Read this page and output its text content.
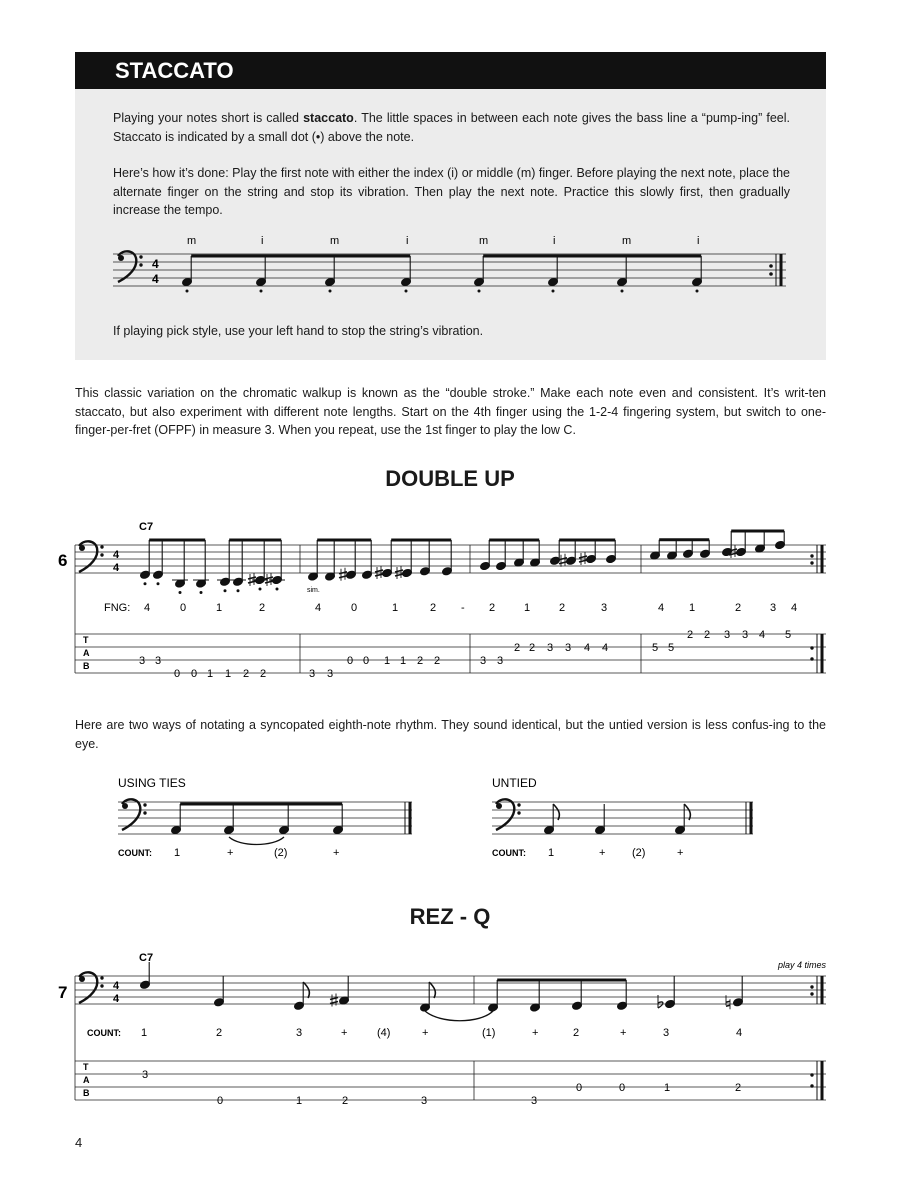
STACCATO
Playing your notes short is called staccato. The little spaces in between each note gives the bass line a “pump-ing” feel. Staccato is indicated by a small dot (•) above the note.
Here’s how it’s done: Play the first note with either the index (i) or middle (m) finger. Before playing the next note, place the alternate finger on the string and stop its vibration. Then play the next note. Practice this slowly first, then gradually increase the tempo.
If playing pick style, use your left hand to stop the string’s vibration.
This classic variation on the chromatic walkup is known as the “double stroke.” Make each note even and consistent. It’s writ-ten staccato, but also experiment with different note lengths. Start on the 4th finger using the 1-2-4 fingering system, but switch to one-finger-per-fret (OFPF) in measure 3. When you repeat, use the 1st finger to play the low C.
DOUBLE UP
Here are two ways of notating a syncopated eighth-note rhythm. They sound identical, but the untied version is less confus-ing to the eye.
REZ - Q
4
4
4
m	i	m	i	m	i	m	i
6
C7
4
4
sim.
FNG: 4	0	1	2	4	0	1	2 - 2	1	2	3	4 1	2	3 4
T
A
B	3 3
0 0 1 1 2 2	3 3
0 0 1 1 2 2	3 3
2 2 3 3 4 4	5 5
2 2 3 3 4 5
USING TIES
COUNT: 1	+	(2)	+
UNTIED
COUNT: 1	+ (2)	+
7
C7
play 4 times
4
4
COUNT: 1	2	3	+	(4)	+	(1)	+	2	+	3	4
T
A
B
3
0	1	2	3	3
0	0	1	2
